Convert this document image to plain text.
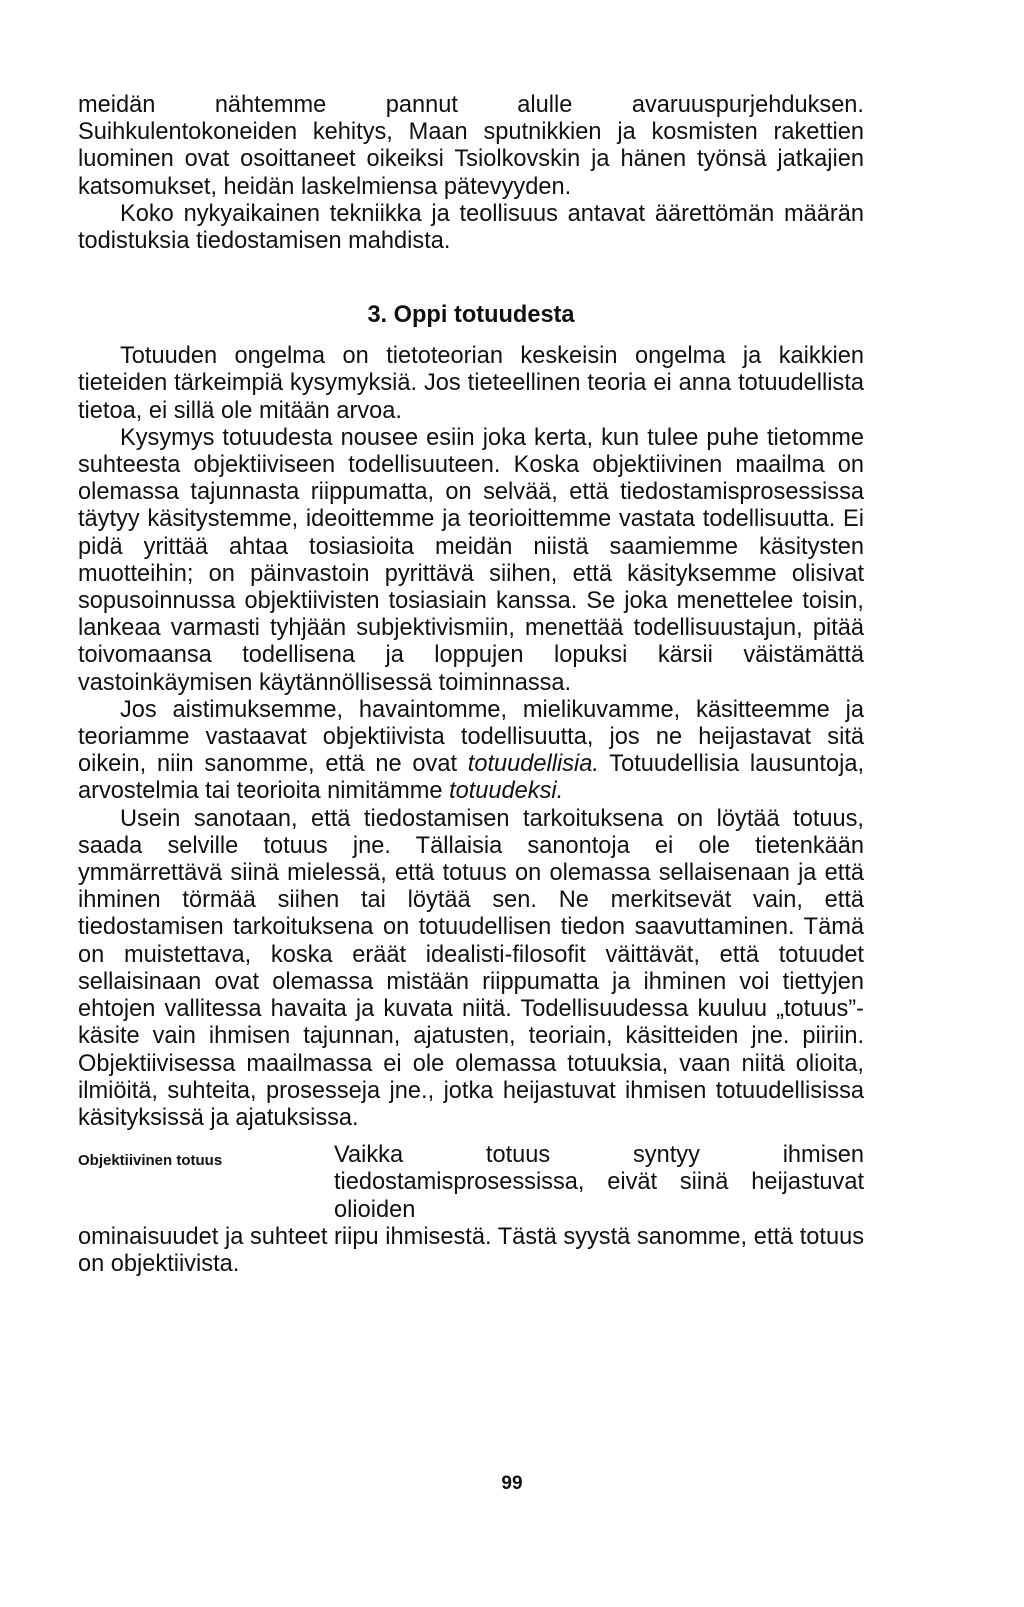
meidän nähtemme pannut alulle avaruuspurjehduksen. Suihkulentokoneiden kehitys, Maan sputnikkien ja kosmisten rakettien luominen ovat osoittaneet oikeiksi Tsiolkovskin ja hänen työnsä jatkajien katsomukset, heidän laskelmiensa pätevyyden.

Koko nykyaikainen tekniikka ja teollisuus antavat äärettömän määrän todistuksia tiedostamisen mahdista.

3. Oppi totuudesta

Totuuden ongelma on tietoteorian keskeisin ongelma ja kaikkien tieteiden tärkeimpiä kysymyksiä. Jos tieteellinen teoria ei anna totuudellista tietoa, ei sillä ole mitään arvoa.

Kysymys totuudesta nousee esiin joka kerta, kun tulee puhe tietomme suhteesta objektiiviseen todellisuuteen. Koska objektiivinen maailma on olemassa tajunnasta riippumatta, on selvää, että tiedostamisprosessissa täytyy käsitystemme, ideoittemme ja teorioittemme vastata todellisuutta. Ei pidä yrittää ahtaa tosiasioita meidän niistä saamiemme käsitysten muotteihin; on päinvastoin pyrittävä siihen, että käsityksemme olisivat sopusoinnussa objektiivisten tosiasiain kanssa. Se joka menettelee toisin, lankeaa varmasti tyhjään subjektivismiin, menettää todellisuustajun, pitää toivomaansa todellisena ja loppujen lopuksi kärsii väistämättä vastoinkäymisen käytännöllisessä toiminnassa.

Jos aistimuksemme, havaintomme, mielikuvamme, käsitteemme ja teoriamme vastaavat objektiivista todellisuutta, jos ne heijastavat sitä oikein, niin sanomme, että ne ovat totuudellisia. Totuudellisia lausuntoja, arvostelmia tai teorioita nimitämme totuudeksi.

Usein sanotaan, että tiedostamisen tarkoituksena on löytää totuus, saada selville totuus jne. Tällaisia sanontoja ei ole tietenkään ymmärrettävä siinä mielessä, että totuus on olemassa sellaisenaan ja että ihminen törmää siihen tai löytää sen. Ne merkitsevät vain, että tiedostamisen tarkoituksena on totuudellisen tiedon saavuttaminen. Tämä on muistettava, koska eräät idealisti-filosofit väittävät, että totuudet sellaisinaan ovat olemassa mistään riippumatta ja ihminen voi tiettyjen ehtojen vallitessa havaita ja kuvata niitä. Todellisuudessa kuuluu „totuus”-käsite vain ihmisen tajunnan, ajatusten, teoriain, käsitteiden jne. piiriin. Objektiivisessa maailmassa ei ole olemassa totuuksia, vaan niitä olioita, ilmiöitä, suhteita, prosesseja jne., jotka heijastuvat ihmisen totuudellisissa käsityksissä ja ajatuksissa.

Objektiivinen totuus	Vaikka totuus syntyy ihmisen tiedostamisprosessissa, eivät siinä heijastuvat olioiden

ominaisuudet ja suhteet riipu ihmisestä. Tästä syystä sanomme, että totuus on objektiivista.

99
